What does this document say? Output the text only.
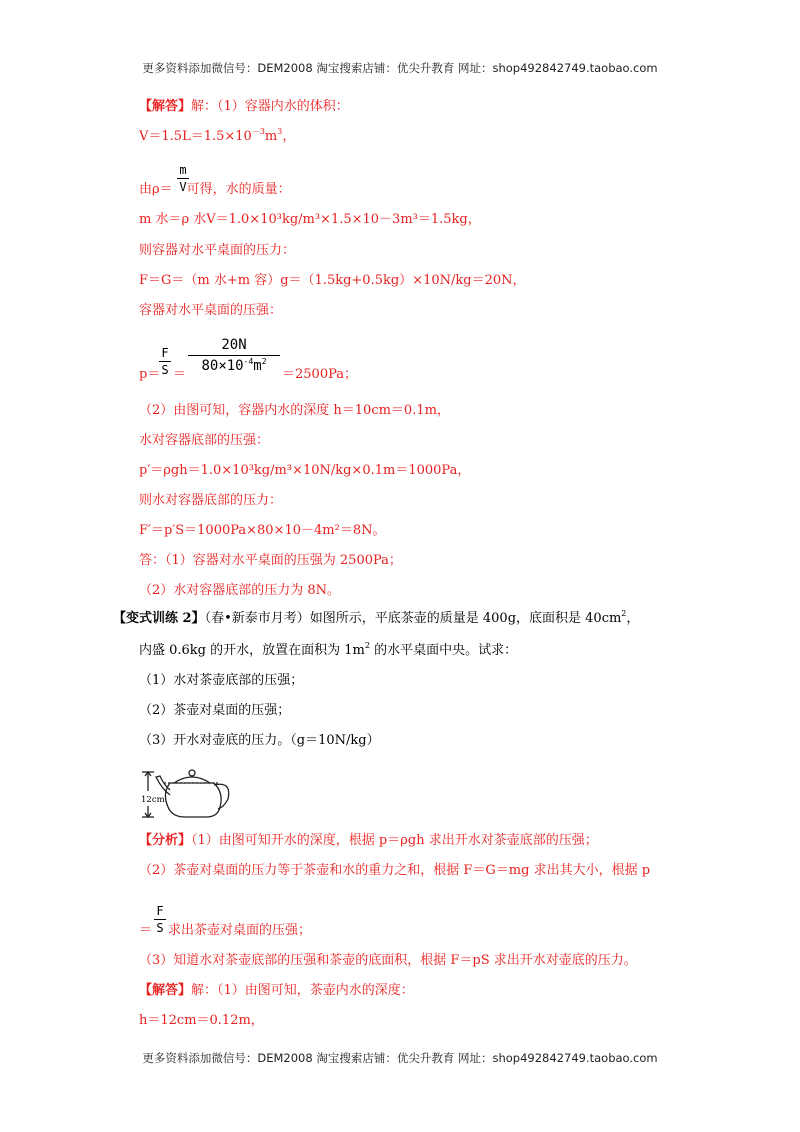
更多资料添加微信号：DEM2008 淘宝搜索店铺：优尖升教育 网址：shop492842749.taobao.com
【解答】解：（1）容器内水的体积：
$V=1.5L=1.5\times 10^{-3}m^3$，
由ρ＝ 可得，水的质量：
m
V
m 水＝ρ 水V＝1.0×10³kg/m³×1.5×10－3m³＝1.5kg，
则容器对水平桌面的压力：
F＝G＝（m 水+m 容）g＝（1.5kg+0.5kg）×10N/kg＝20N，
容器对水平桌面的压强：
p＝
F
S ＝
20N
$80\times 10^{-4}m^2$
＝2500Pa；
（2）由图可知，容器内水的深度 h＝10cm＝0.1m，
水对容器底部的压强：
p′＝ρgh＝1.0×10³kg/m³×10N/kg×0.1m＝1000Pa，
则水对容器底部的压力：
F′＝p′S＝1000Pa×80×10－4m²＝8N。
答：（1）容器对水平桌面的压强为 2500Pa；
（2）水对容器底部的压力为 8N。
【变式训练 2】（春•新泰市月考）如图所示，平底茶壶的质量是 400g，底面积是 $40cm^2$，
内盛 0.6kg 的开水，放置在面积为 $1m^2$ 的水平桌面中央。试求：
（1）水对茶壶底部的压强；
（2）茶壶对桌面的压强；
（3）开水对壶底的压力。（g＝10N/kg）
12cm
【分析】（1）由图可知开水的深度，根据 p＝ρgh 求出开水对茶壶底部的压强；
（2）茶壶对桌面的压力等于茶壶和水的重力之和，根据 F＝G＝mg 求出其大小，根据 p
F
S
＝ 求出茶壶对桌面的压强；
（3）知道水对茶壶底部的压强和茶壶的底面积，根据 F＝pS 求出开水对壶底的压力。
【解答】解：（1）由图可知，茶壶内水的深度：
h＝12cm＝0.12m，
更多资料添加微信号：DEM2008 淘宝搜索店铺：优尖升教育 网址：shop492842749.taobao.com
